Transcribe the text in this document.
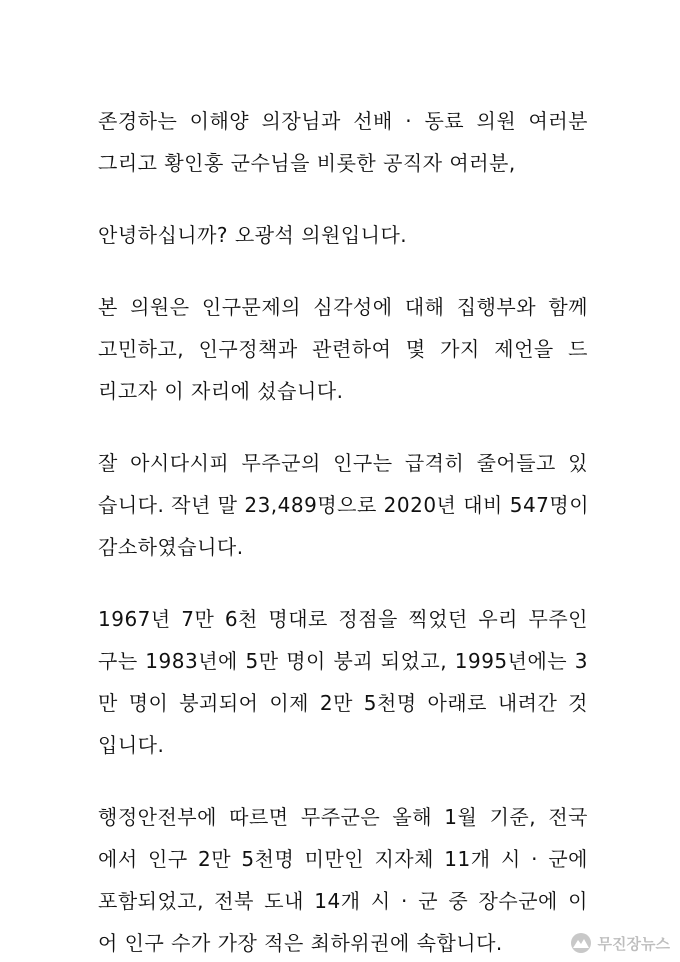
존경하는 이해양 의장님과 선배 · 동료 의원 여러분
그리고 황인홍 군수님을 비롯한 공직자 여러분,
안녕하십니까? 오광석 의원입니다.
본 의원은 인구문제의 심각성에 대해 집행부와 함께
고민하고, 인구정책과 관련하여 몇 가지 제언을 드
리고자 이 자리에 섰습니다.
잘 아시다시피 무주군의 인구는 급격히 줄어들고 있
습니다. 작년 말 23,489명으로 2020년 대비 547명이
감소하였습니다.
1967년 7만 6천 명대로 정점을 찍었던 우리 무주인
구는 1983년에 5만 명이 붕괴 되었고, 1995년에는 3
만 명이 붕괴되어 이제 2만 5천명 아래로 내려간 것
입니다.
행정안전부에 따르면 무주군은 올해 1월 기준, 전국
에서 인구 2만 5천명 미만인 지자체 11개 시 · 군에
포함되었고, 전북 도내 14개 시 · 군 중 장수군에 이
어 인구 수가 가장 적은 최하위권에 속합니다.	무진장뉴스
